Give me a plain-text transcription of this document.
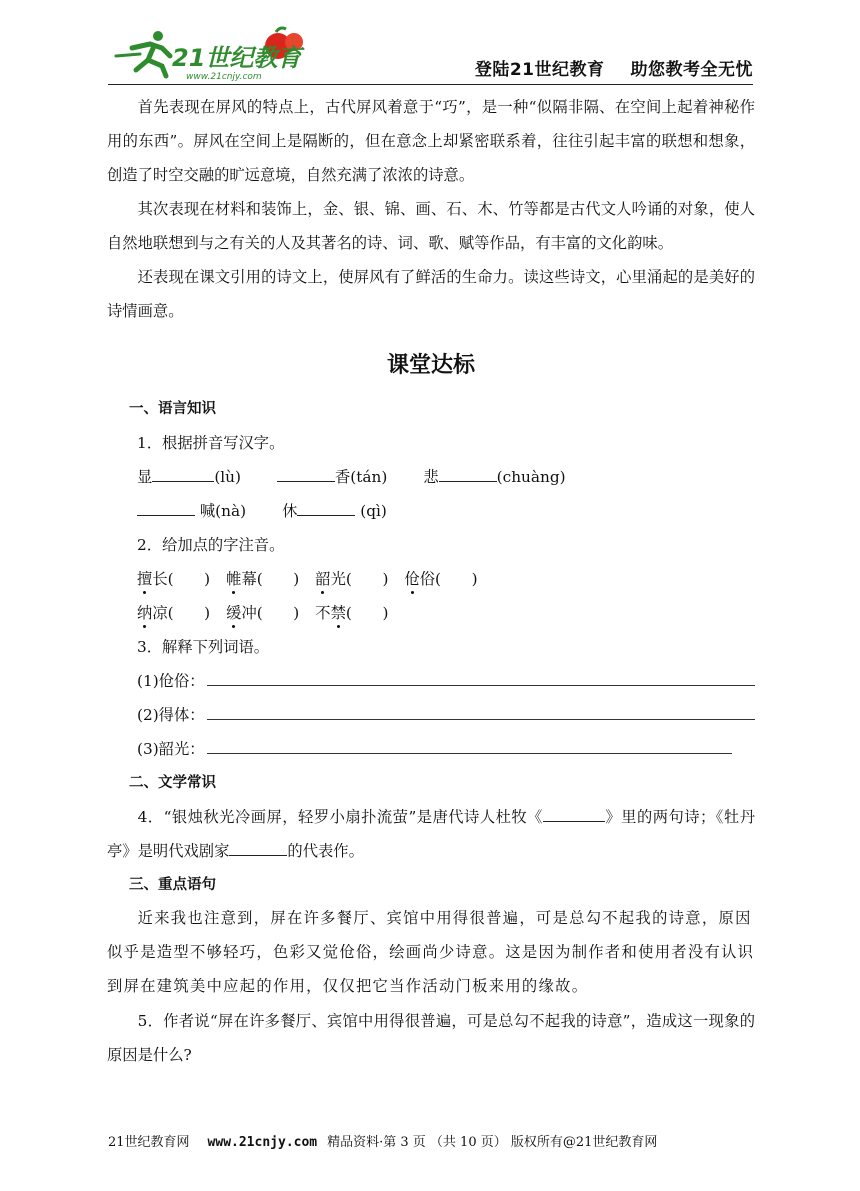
21世纪教育
www.21cnjy.com	登陆21世纪教育 助您教考全无忧

首先表现在屏风的特点上，古代屏风着意于“巧”，是一种“似隔非隔、在空间上起着神秘作用的东西”。屏风在空间上是隔断的，但在意念上却紧密联系着，往往引起丰富的联想和想象，创造了时空交融的旷远意境，自然充满了浓浓的诗意。

其次表现在材料和装饰上，金、银、锦、画、石、木、竹等都是古代文人吟诵的对象，使人自然地联想到与之有关的人及其著名的诗、词、歌、赋等作品，有丰富的文化韵味。

还表现在课文引用的诗文上，使屏风有了鲜活的生命力。读这些诗文，心里涌起的是美好的诗情画意。

课堂达标
一、语言知识
1．根据拼音写汉字。
显	(lù)	香(tán) 悲	(chuàng)
喊(nà) 休	(qì)
2．给加点的字注音。
擅长(　　) 帷幕(　　) 韶光(　　) 伧俗(　　)
纳凉(　　) 缓冲(　　) 不禁(　　)
3．解释下列词语。
(1)伧俗：
(2)得体：
(3)韶光：
二、文学常识

4．“银烛秋光冷画屏，轻罗小扇扑流萤”是唐代诗人杜牧《	》里的两句诗；《牡丹亭》是明代戏剧家	的代表作。

三、重点语句

近来我也注意到，屏在许多餐厅、宾馆中用得很普遍，可是总勾不起我的诗意，原因似乎是造型不够轻巧，色彩又觉伧俗，绘画尚少诗意。这是因为制作者和使用者没有认识到屏在建筑美中应起的作用，仅仅把它当作活动门板来用的缘故。

5．作者说“屏在许多餐厅、宾馆中用得很普遍，可是总勾不起我的诗意”，造成这一现象的原因是什么?

21世纪教育网 www.21cnjy.com 精品资料·第 3 页 （共 10 页） 版权所有@21世纪教育网
